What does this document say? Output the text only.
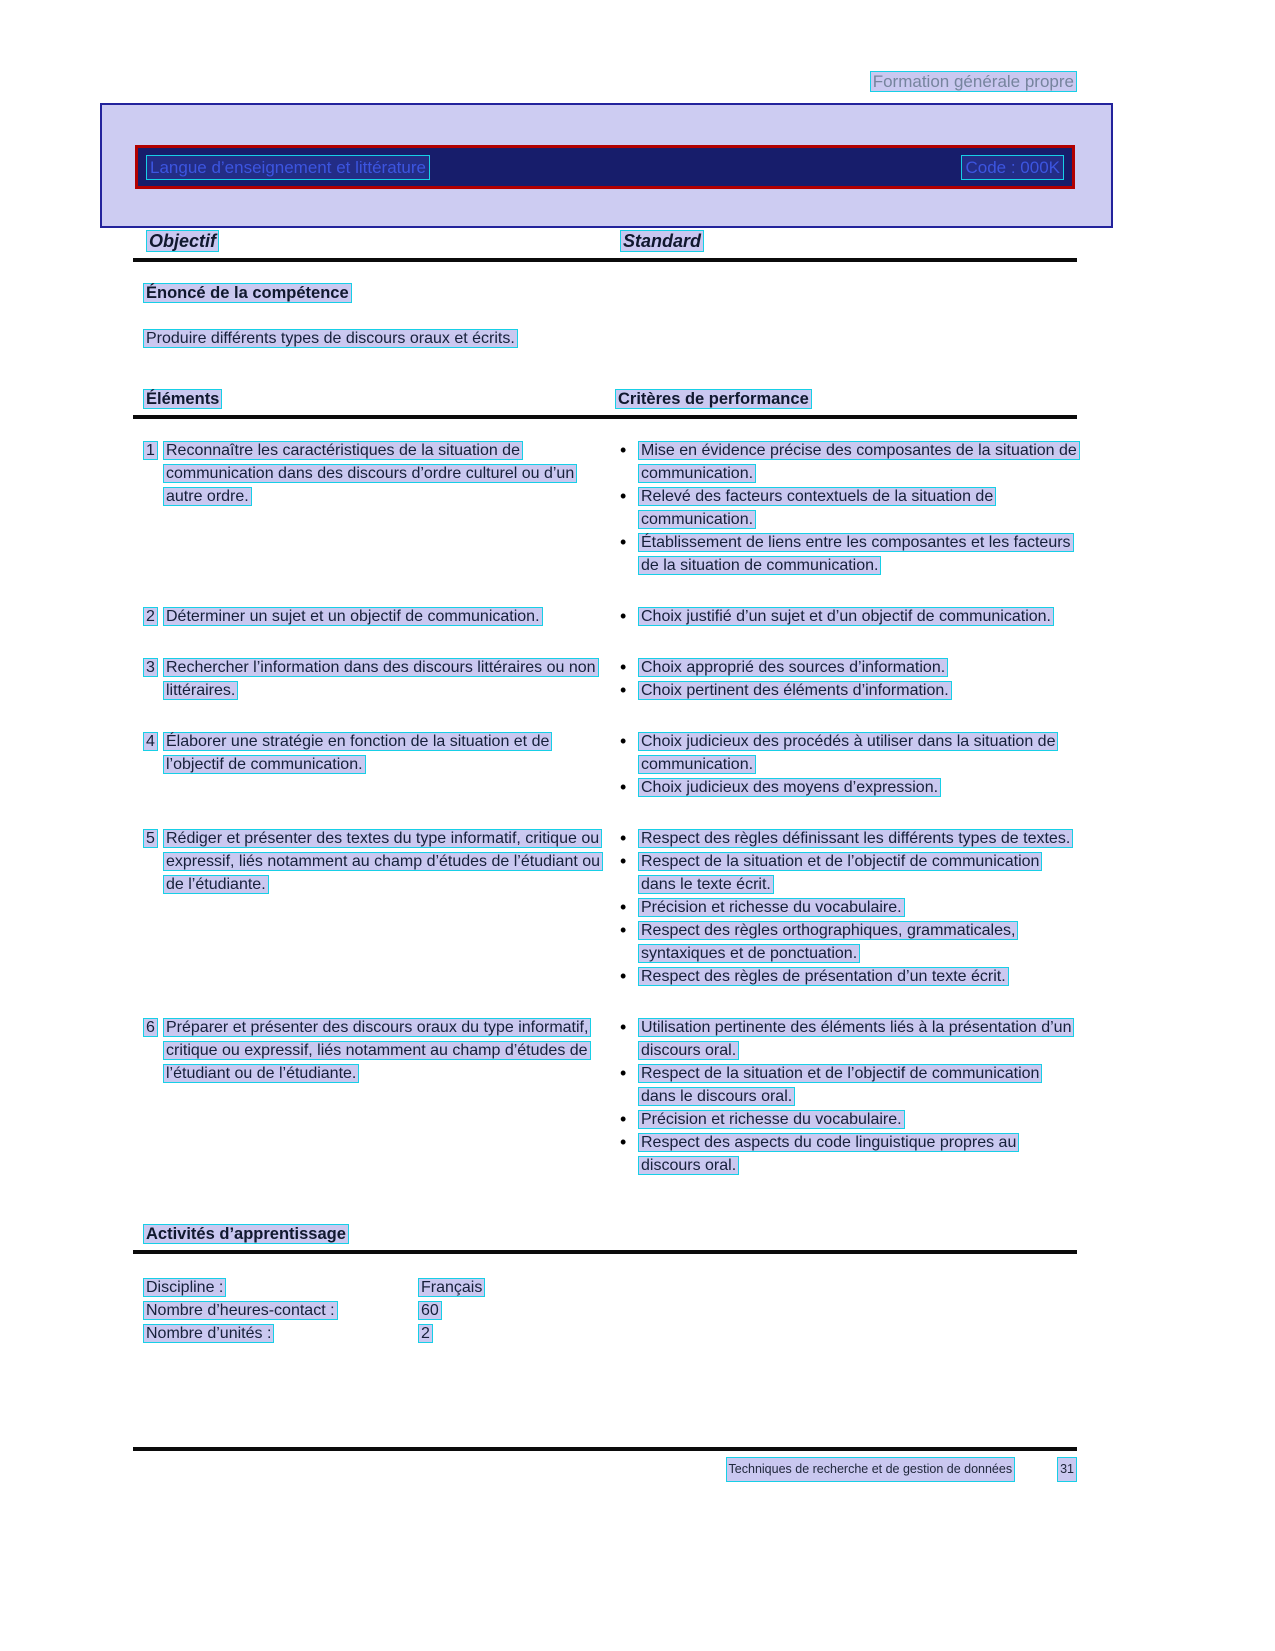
Formation générale propre
Langue d’enseignement et littérature	Code : 000K
Objectif	Standard
Énoncé de la compétence
Produire différents types de discours oraux et écrits.
Éléments	Critères de performance
1 Reconnaître les caractéristiques de la situation de communication dans des discours d’ordre culturel ou d’un autre ordre.
• Mise en évidence précise des composantes de la situation de communication.
• Relevé des facteurs contextuels de la situation de communication.
• Établissement de liens entre les composantes et les facteurs de la situation de communication.
2 Déterminer un sujet et un objectif de communication.	• Choix justifié d’un sujet et d’un objectif de communication.
3 Rechercher l’information dans des discours littéraires ou non littéraires.
• Choix approprié des sources d’information.
• Choix pertinent des éléments d’information.
4 Élaborer une stratégie en fonction de la situation et de l’objectif de communication.
• Choix judicieux des procédés à utiliser dans la situation de communication.
• Choix judicieux des moyens d’expression.
5 Rédiger et présenter des textes du type informatif, critique ou expressif, liés notamment au champ d’études de l’étudiant ou de l’étudiante.
• Respect des règles définissant les différents types de textes.
• Respect de la situation et de l’objectif de communication dans le texte écrit.
• Précision et richesse du vocabulaire.
• Respect des règles orthographiques, grammaticales, syntaxiques et de ponctuation.
• Respect des règles de présentation d’un texte écrit.
6 Préparer et présenter des discours oraux du type informatif, critique ou expressif, liés notamment au champ d’études de l’étudiant ou de l’étudiante.
• Utilisation pertinente des éléments liés à la présentation d’un discours oral.
• Respect de la situation et de l’objectif de communication dans le discours oral.
• Précision et richesse du vocabulaire.
• Respect des aspects du code linguistique propres au discours oral.
Activités d’apprentissage
Discipline :	Français
Nombre d’heures-contact :	60
Nombre d’unités :	2
Techniques de recherche et de gestion de données	31
